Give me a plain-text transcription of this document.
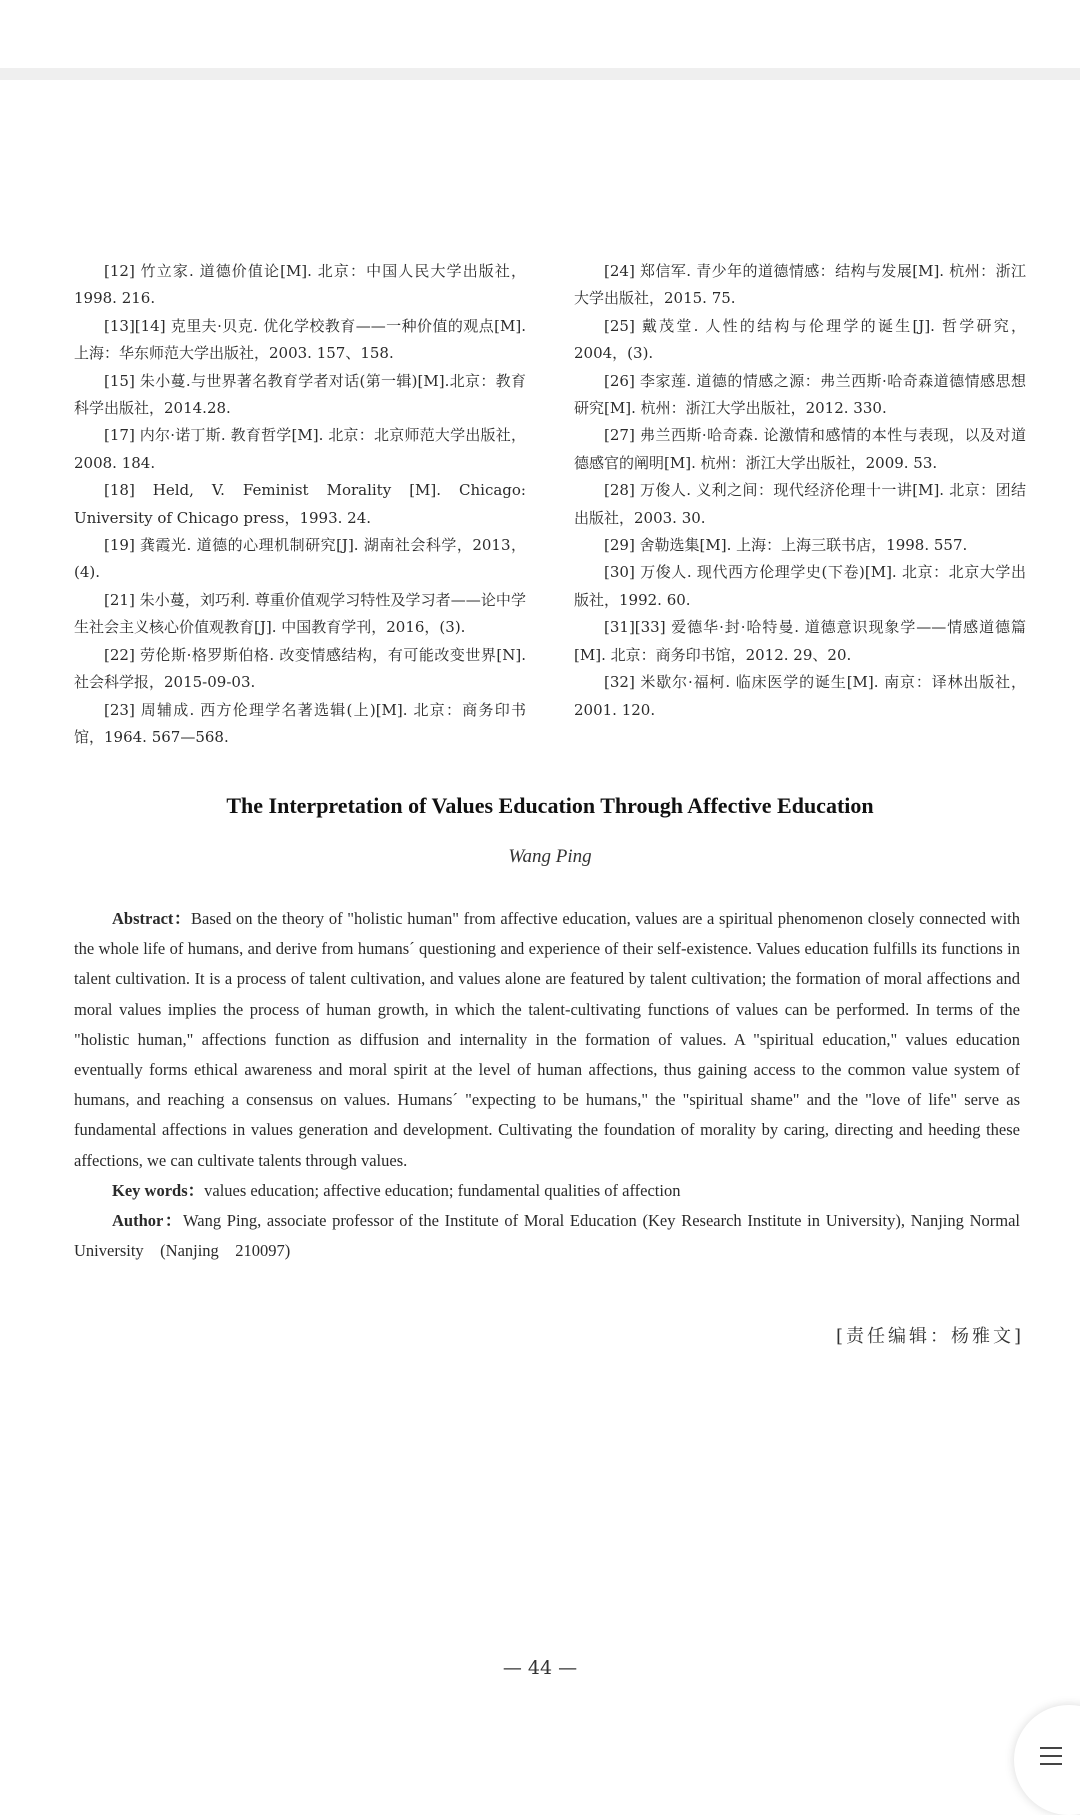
[12] 竹立家. 道德价值论[M]. 北京：中国人民大学出版社，1998. 216.

[13][14] 克里夫·贝克. 优化学校教育——一种价值的观点[M]. 上海：华东师范大学出版社，2003. 157、158.

[15] 朱小蔓.与世界著名教育学者对话(第一辑)[M].北京：教育科学出版社，2014.28.

[17] 内尔·诺丁斯. 教育哲学[M]. 北京：北京师范大学出版社，2008. 184.

[18] Held, V. Feminist Morality [M]. Chicago: University of Chicago press，1993. 24.

[19] 龚霞光. 道德的心理机制研究[J]. 湖南社会科学，2013，(4).

[21] 朱小蔓，刘巧利. 尊重价值观学习特性及学习者——论中学生社会主义核心价值观教育[J]. 中国教育学刊，2016，(3).

[22] 劳伦斯·格罗斯伯格. 改变情感结构，有可能改变世界[N]. 社会科学报，2015-09-03.

[23] 周辅成. 西方伦理学名著选辑(上)[M]. 北京：商务印书馆，1964. 567—568.

[24] 郑信军. 青少年的道德情感：结构与发展[M]. 杭州：浙江大学出版社，2015. 75.

[25] 戴茂堂. 人性的结构与伦理学的诞生[J]. 哲学研究，2004，(3).

[26] 李家莲. 道德的情感之源：弗兰西斯·哈奇森道德情感思想研究[M]. 杭州：浙江大学出版社，2012. 330.

[27] 弗兰西斯·哈奇森. 论激情和感情的本性与表现，以及对道德感官的阐明[M]. 杭州：浙江大学出版社，2009. 53.

[28] 万俊人. 义利之间：现代经济伦理十一讲[M]. 北京：团结出版社，2003. 30.

[29] 舍勒选集[M]. 上海：上海三联书店，1998. 557.

[30] 万俊人. 现代西方伦理学史(下卷)[M]. 北京：北京大学出版社，1992. 60.

[31][33] 爱德华·封·哈特曼. 道德意识现象学——情感道德篇[M]. 北京：商务印书馆，2012. 29、20.

[32] 米歇尔·福柯. 临床医学的诞生[M]. 南京：译林出版社，2001. 120.

The Interpretation of Values Education Through Affective Education
Wang Ping

Abstract：Based on the theory of "holistic human" from affective education, values are a spiritual phenomenon closely connected with the whole life of humans, and derive from humans´ questioning and experience of their self-existence. Values education fulfills its functions in talent cultivation. It is a process of talent cultivation, and values alone are featured by talent cultivation; the formation of moral affections and moral values implies the process of human growth, in which the talent-cultivating functions of values can be performed. In terms of the "holistic human," affections function as diffusion and internality in the formation of values. A "spiritual education," values education eventually forms ethical awareness and moral spirit at the level of human affections, thus gaining access to the common value system of humans, and reaching a consensus on values. Humans´ "expecting to be humans," the "spiritual shame" and the "love of life" serve as fundamental affections in values generation and development. Cultivating the foundation of morality by caring, directing and heeding these affections, we can cultivate talents through values.

Key words：values education; affective education; fundamental qualities of affection

Author：Wang Ping, associate professor of the Institute of Moral Education (Key Research Institute in University), Nanjing Normal University　(Nanjing　210097)

[责任编辑：杨雅文]
— 44 —
